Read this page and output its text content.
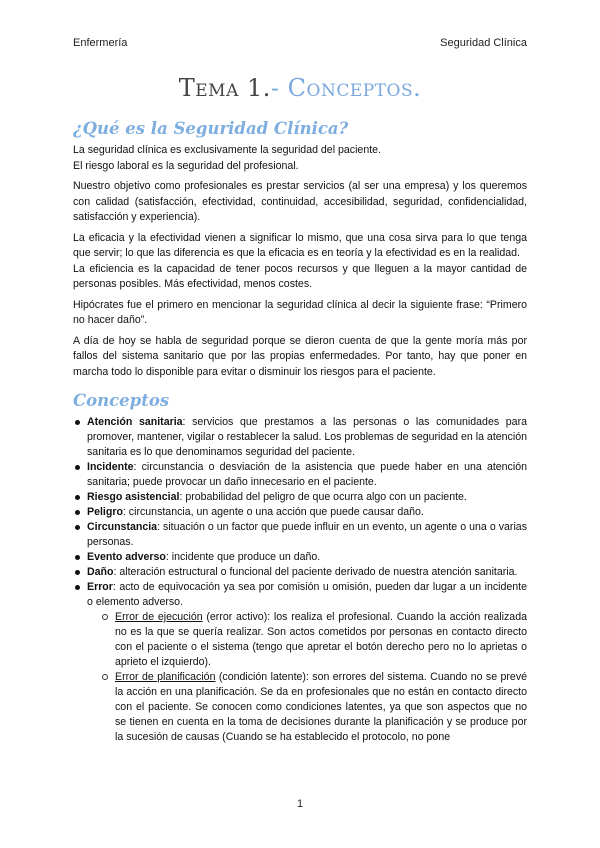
Enfermería	Seguridad Clínica
Tema 1.- Conceptos.
¿Qué es la Seguridad Clínica?

La seguridad clínica es exclusivamente la seguridad del paciente.

El riesgo laboral es la seguridad del profesional.

Nuestro objetivo como profesionales es prestar servicios (al ser una empresa) y los queremos con calidad (satisfacción, efectividad, continuidad, accesibilidad, seguridad, confidencialidad, satisfacción y experiencia).

La eficacia y la efectividad vienen a significar lo mismo, que una cosa sirva para lo que tenga que servir; lo que las diferencia es que la eficacia es en teoría y la efectividad es en la realidad.

La eficiencia es la capacidad de tener pocos recursos y que lleguen a la mayor cantidad de personas posibles. Más efectividad, menos costes.

Hipócrates fue el primero en mencionar la seguridad clínica al decir la siguiente frase: “Primero no hacer daño”.

A día de hoy se habla de seguridad porque se dieron cuenta de que la gente moría más por fallos del sistema sanitario que por las propias enfermedades. Por tanto, hay que poner en marcha todo lo disponible para evitar o disminuir los riesgos para el paciente.

Conceptos
Atención sanitaria: servicios que prestamos a las personas o las comunidades para promover, mantener, vigilar o restablecer la salud. Los problemas de seguridad en la atención sanitaria es lo que denominamos seguridad del paciente.
Incidente: circunstancia o desviación de la asistencia que puede haber en una atención sanitaria; puede provocar un daño innecesario en el paciente.
Riesgo asistencial: probabilidad del peligro de que ocurra algo con un paciente.
Peligro: circunstancia, un agente o una acción que puede causar daño.
Circunstancia: situación o un factor que puede influir en un evento, un agente o una o varias personas.
Evento adverso: incidente que produce un daño.
Daño: alteración estructural o funcional del paciente derivado de nuestra atención sanitaria.
Error: acto de equivocación ya sea por comisión u omisión, pueden dar lugar a un incidente o elemento adverso.
Error de ejecución (error activo): los realiza el profesional. Cuando la acción realizada no es la que se quería realizar. Son actos cometidos por personas en contacto directo con el paciente o el sistema (tengo que apretar el botón derecho pero no lo aprietas o aprieto el izquierdo).
Error de planificación (condición latente): son errores del sistema. Cuando no se prevé la acción en una planificación. Se da en profesionales que no están en contacto directo con el paciente. Se conocen como condiciones latentes, ya que son aspectos que no se tienen en cuenta en la toma de decisiones durante la planificación y se produce por la sucesión de causas (Cuando se ha establecido el protocolo, no pone
1
